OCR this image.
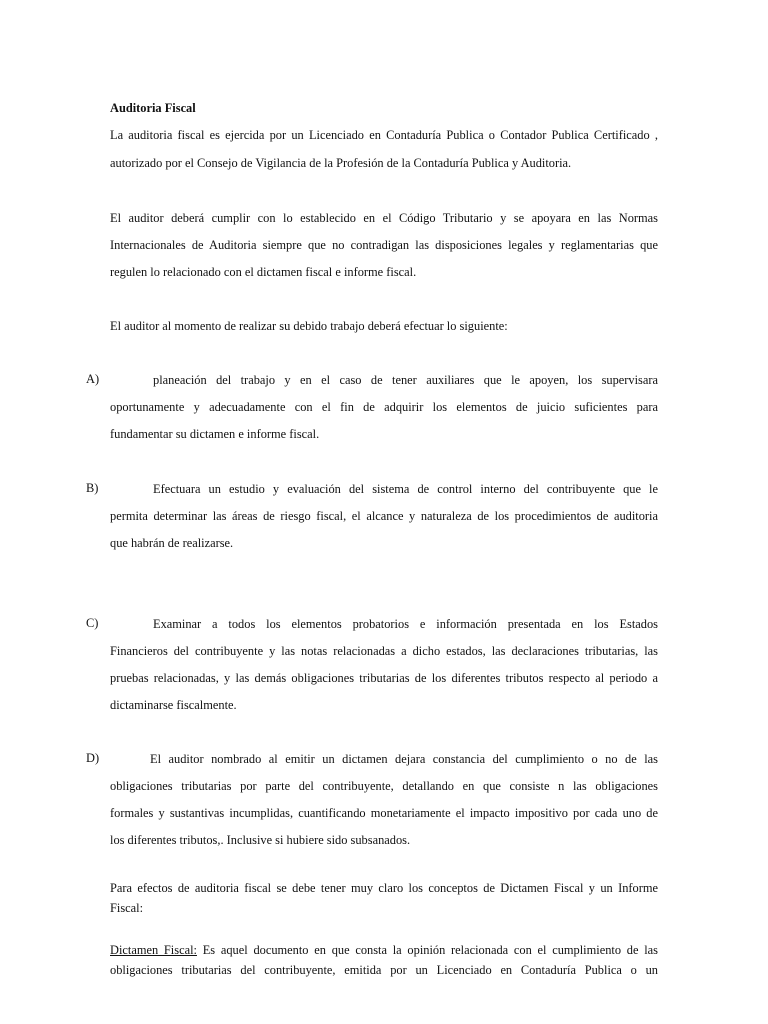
Auditoria Fiscal
La auditoria fiscal es ejercida por un Licenciado en Contaduría Publica o Contador Publica Certificado ,
autorizado por el Consejo de Vigilancia de la Profesión de la Contaduría Publica y Auditoria.
El auditor deberá cumplir con lo establecido en el Código Tributario y se apoyara en las Normas
Internacionales de Auditoria siempre que no contradigan las disposiciones legales y reglamentarias que
regulen lo relacionado con el dictamen fiscal e informe fiscal.
El auditor al momento de realizar su debido trabajo deberá efectuar lo siguiente:
A)	planeación del trabajo y en el caso de tener auxiliares que le apoyen, los supervisara
oportunamente y adecuadamente con el fin de adquirir los elementos de juicio suficientes para
fundamentar su dictamen e informe fiscal.
B)	Efectuara un estudio y evaluación del sistema de control interno del contribuyente que le
permita determinar las áreas de riesgo fiscal, el alcance y naturaleza de los procedimientos de auditoria
que habrán de realizarse.
C)	Examinar a todos los elementos probatorios e información presentada en los Estados
Financieros del contribuyente y las notas relacionadas a dicho estados, las declaraciones tributarias, las
pruebas relacionadas, y las demás obligaciones tributarias de los diferentes tributos respecto al periodo a
dictaminarse fiscalmente.
D)	El auditor nombrado al emitir un dictamen dejara constancia del cumplimiento o no de las
obligaciones tributarias por parte del contribuyente, detallando en que consiste n las obligaciones
formales y sustantivas incumplidas, cuantificando monetariamente el impacto impositivo por cada uno de
los diferentes tributos,. Inclusive si hubiere sido subsanados.
Para efectos de auditoria fiscal se debe tener muy claro los conceptos de Dictamen Fiscal y un Informe
Fiscal:
Dictamen Fiscal: Es aquel documento en que consta la opinión relacionada con el cumplimiento de las
obligaciones tributarias del contribuyente, emitida por un Licenciado en Contaduría Publica o un
